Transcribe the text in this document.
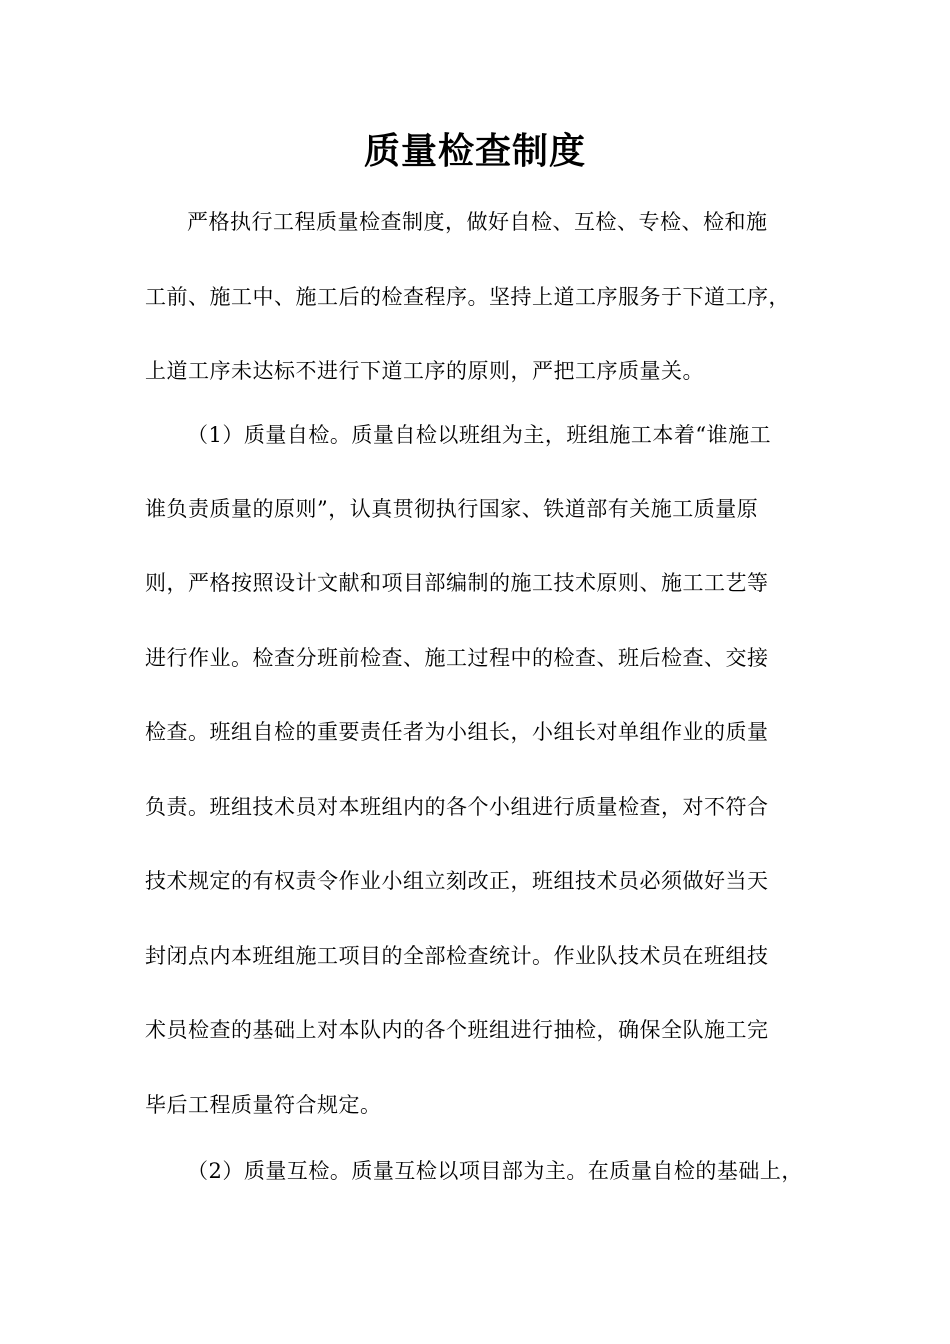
质量检查制度
严格执行工程质量检查制度，做好自检、互检、专检、检和施
工前、施工中、施工后的检查程序。坚持上道工序服务于下道工序，
上道工序未达标不进行下道工序的原则，严把工序质量关。
（1）质量自检。质量自检以班组为主，班组施工本着“谁施工
谁负责质量的原则”，认真贯彻执行国家、铁道部有关施工质量原
则，严格按照设计文献和项目部编制的施工技术原则、施工工艺等
进行作业。检查分班前检查、施工过程中的检查、班后检查、交接
检查。班组自检的重要责任者为小组长，小组长对单组作业的质量
负责。班组技术员对本班组内的各个小组进行质量检查，对不符合
技术规定的有权责令作业小组立刻改正，班组技术员必须做好当天
封闭点内本班组施工项目的全部检查统计。作业队技术员在班组技
术员检查的基础上对本队内的各个班组进行抽检，确保全队施工完
毕后工程质量符合规定。
（2）质量互检。质量互检以项目部为主。在质量自检的基础上，
